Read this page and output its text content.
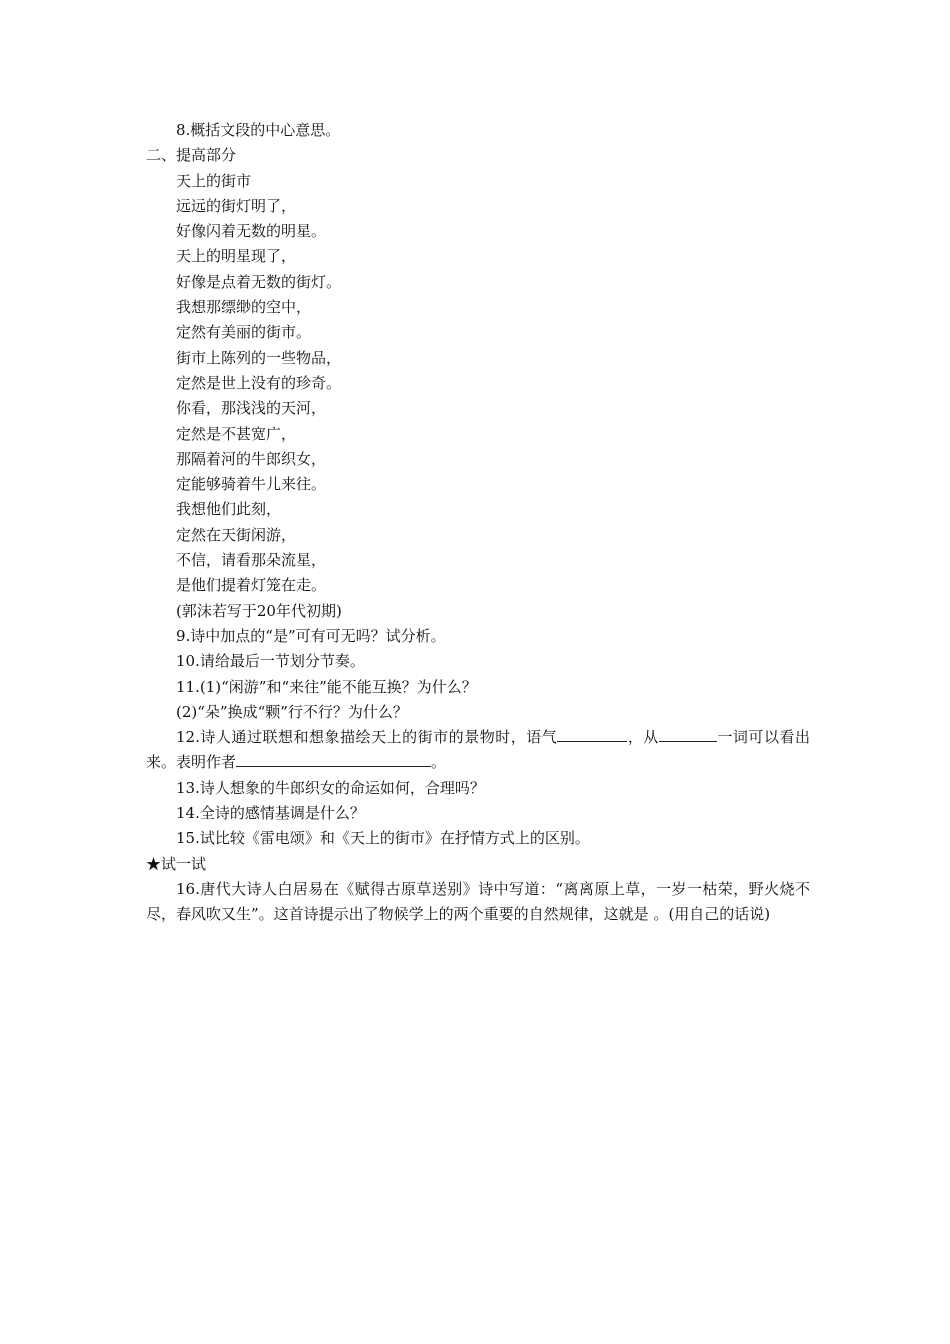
8.概括文段的中心意思。

二、提高部分

天上的街市

远远的街灯明了，

好像闪着无数的明星。

天上的明星现了，

好像是点着无数的街灯。

我想那缥缈的空中，

定然有美丽的街市。

街市上陈列的一些物品，

定然是世上没有的珍奇。

你看，那浅浅的天河，

定然是不甚宽广，

那隔着河的牛郎织女，

定能够骑着牛儿来往。

我想他们此刻，

定然在天街闲游，

不信，请看那朵流星，

是他们提着灯笼在走。

(郭沫若写于20年代初期)

9.诗中加点的“是”可有可无吗？试分析。

10.请给最后一节划分节奏。

11.(1)“闲游”和“来往”能不能互换？为什么？

(2)“朵”换成“颗”行不行？为什么？

12.诗人通过联想和想象描绘天上的街市的景物时，语气	，从	一词可以看出来。表明作者	。

13.诗人想象的牛郎织女的命运如何，合理吗？

14.全诗的感情基调是什么？

15.试比较《雷电颂》和《天上的街市》在抒情方式上的区别。

★试一试

16.唐代大诗人白居易在《赋得古原草送别》诗中写道：“离离原上草，一岁一枯荣，野火烧不尽，春风吹又生”。这首诗提示出了物候学上的两个重要的自然规律，这就是 。(用自己的话说)
